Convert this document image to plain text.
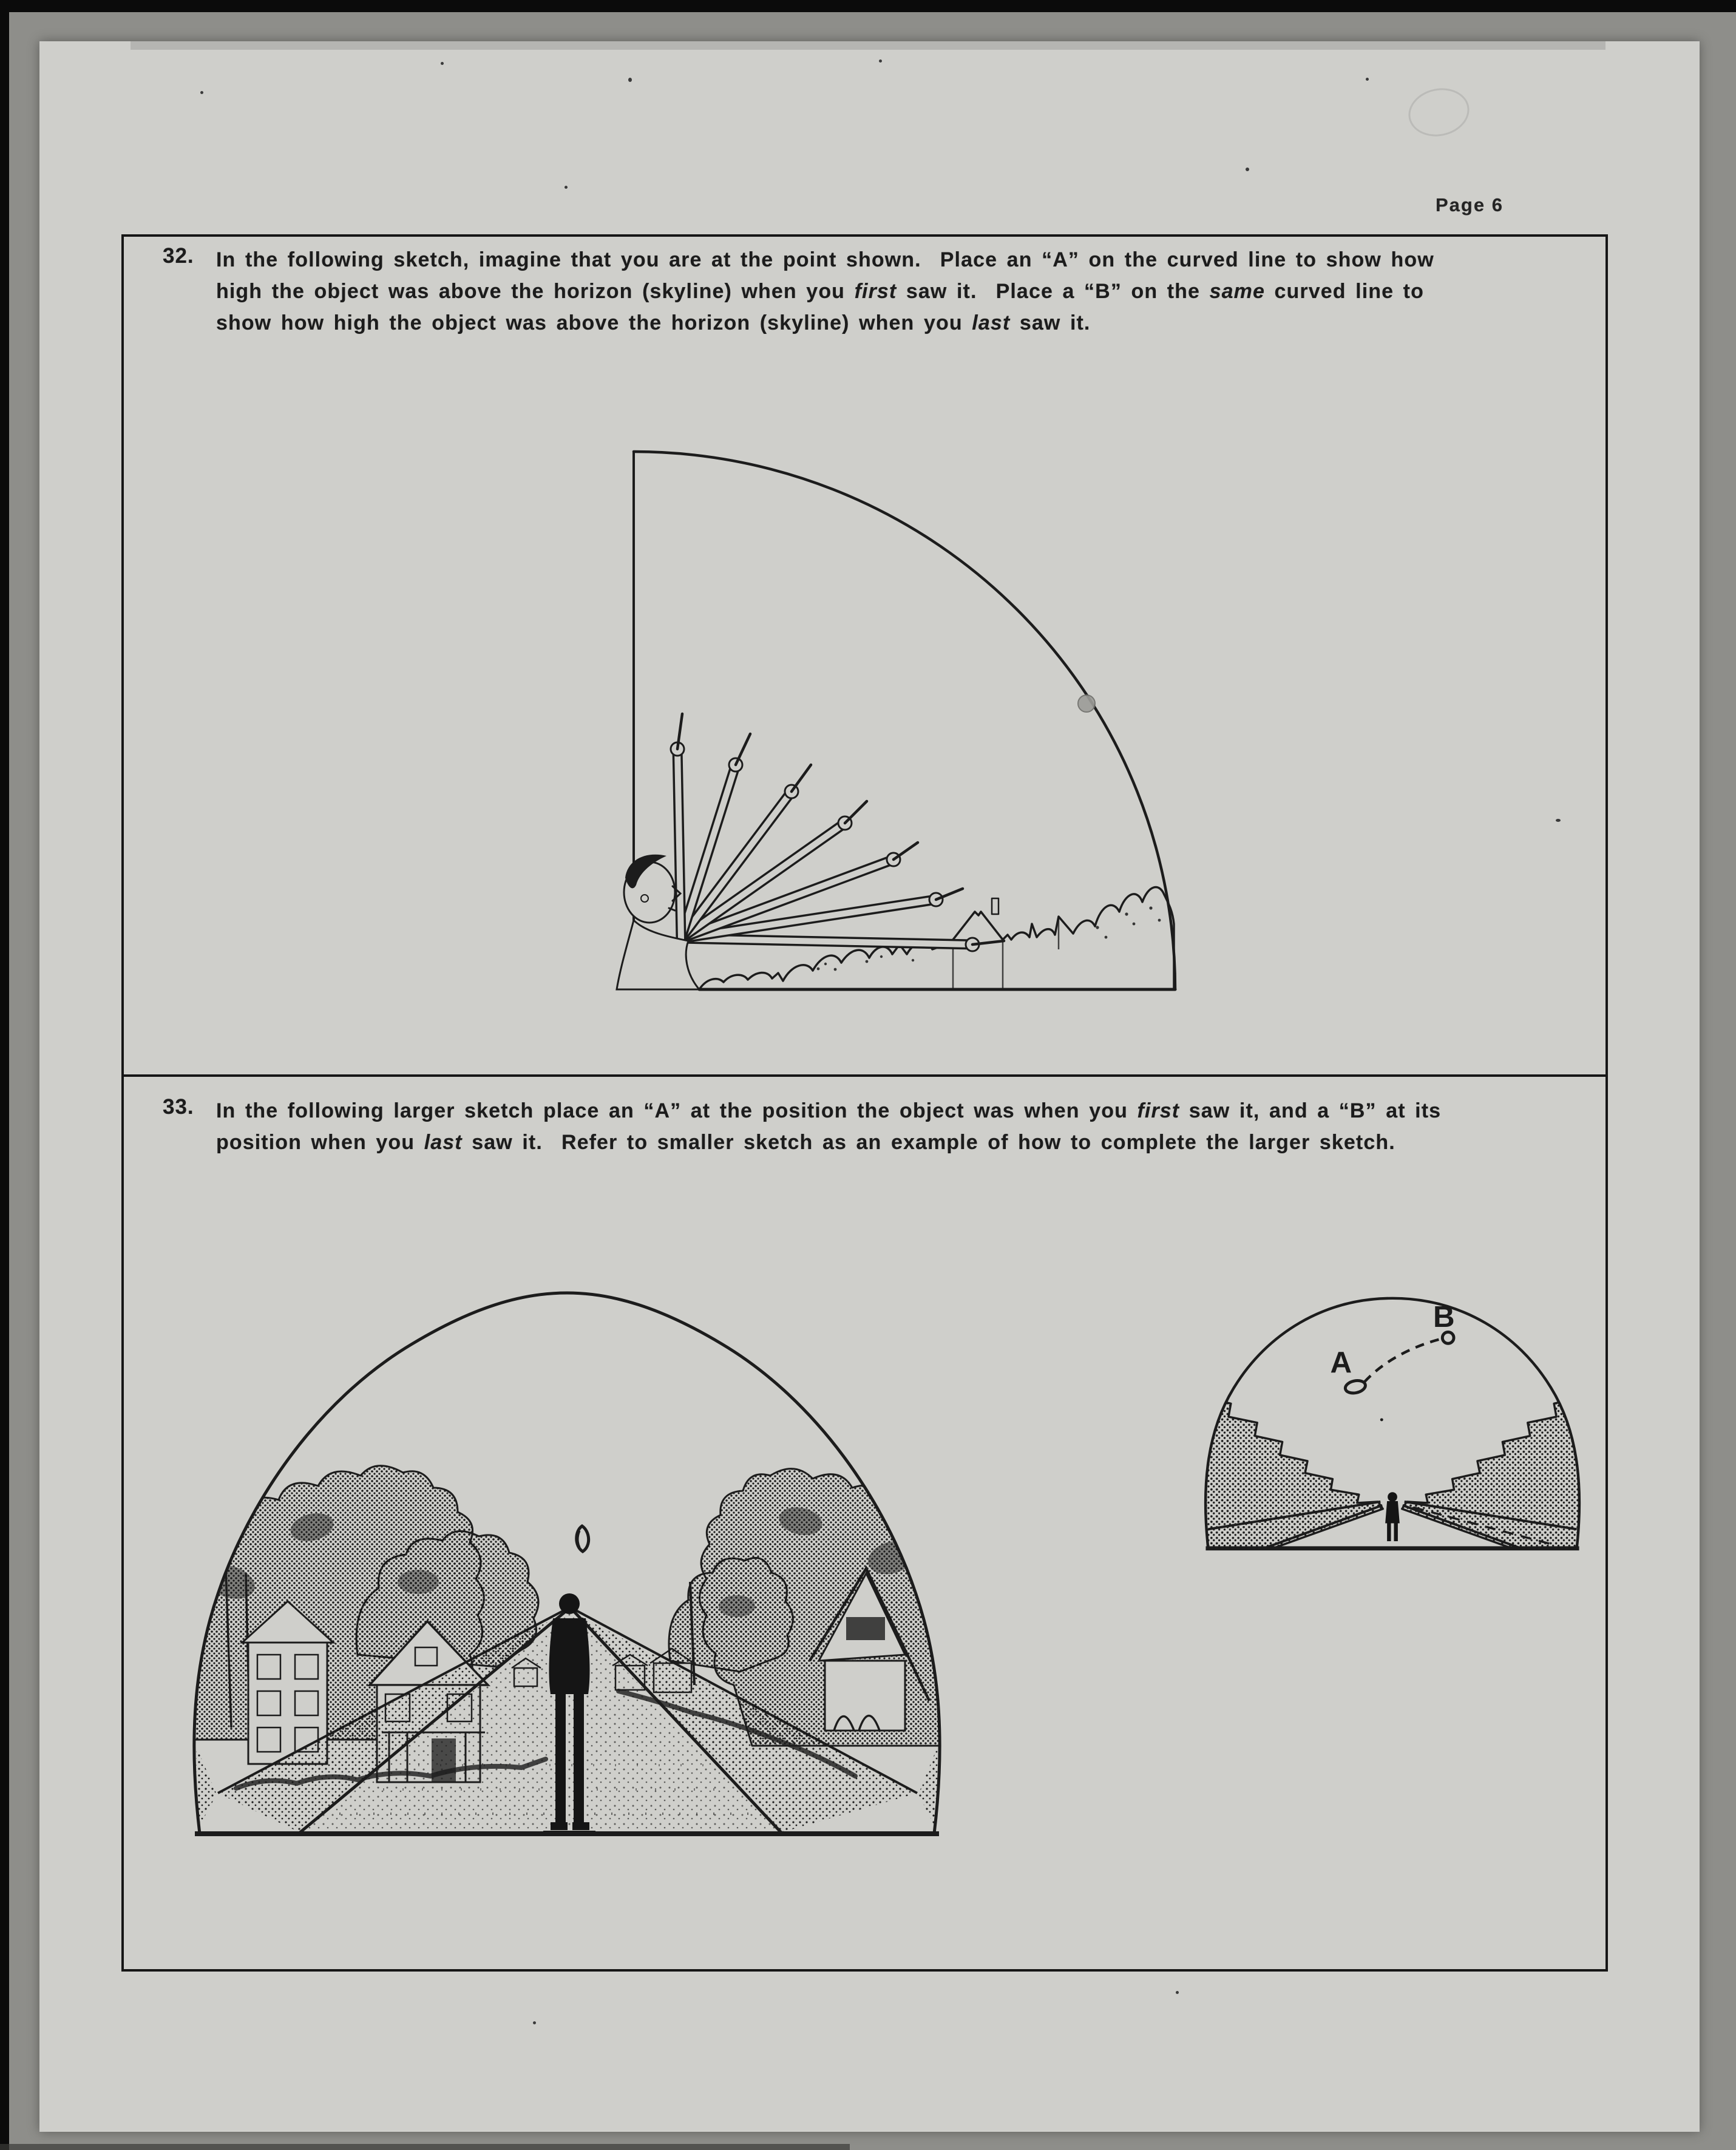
Page 6
32. In the following sketch, imagine that you are at the point shown.  Place an “A” on the curved line to show how
high the object was above the horizon (skyline) when you first saw it.  Place a “B” on the same curved line to
show how high the object was above the horizon (skyline) when you last saw it.
33. In the following larger sketch place an “A” at the position the object was when you first saw it, and a “B” at its
position when you last saw it.  Refer to smaller sketch as an example of how to complete the larger sketch.
A
B
